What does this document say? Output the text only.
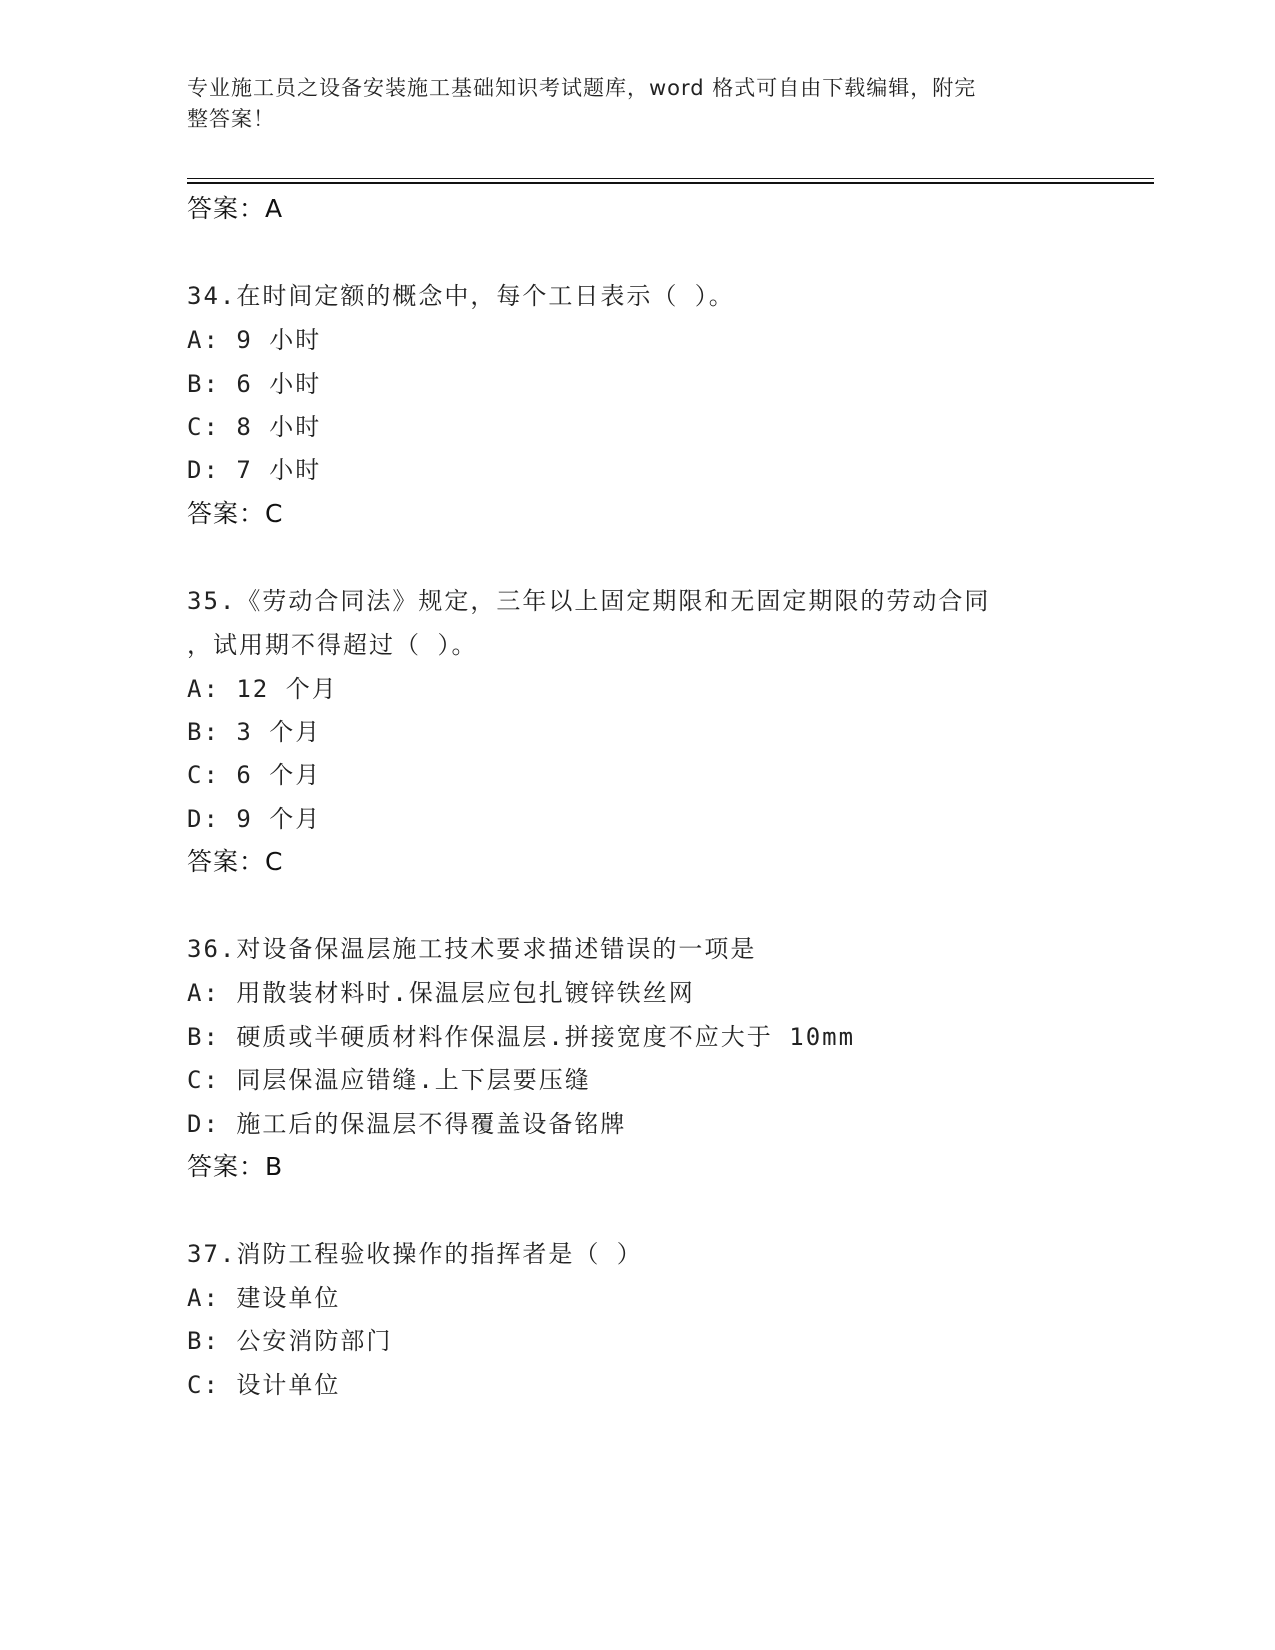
专业施工员之设备安装施工基础知识考试题库，word 格式可自由下载编辑，附完
整答案！
答案：A
34.在时间定额的概念中，每个工日表示（ ）。
A: 9 小时
B: 6 小时
C: 8 小时
D: 7 小时
答案：C
35.《劳动合同法》规定，三年以上固定期限和无固定期限的劳动合同
，试用期不得超过（ ）。
A: 12 个月
B: 3 个月
C: 6 个月
D: 9 个月
答案：C
36.对设备保温层施工技术要求描述错误的一项是
A: 用散装材料时.保温层应包扎镀锌铁丝网
B: 硬质或半硬质材料作保温层.拼接宽度不应大于 10mm
C: 同层保温应错缝.上下层要压缝
D: 施工后的保温层不得覆盖设备铭牌
答案：B
37.消防工程验收操作的指挥者是（ ）
A: 建设单位
B: 公安消防部门
C: 设计单位
